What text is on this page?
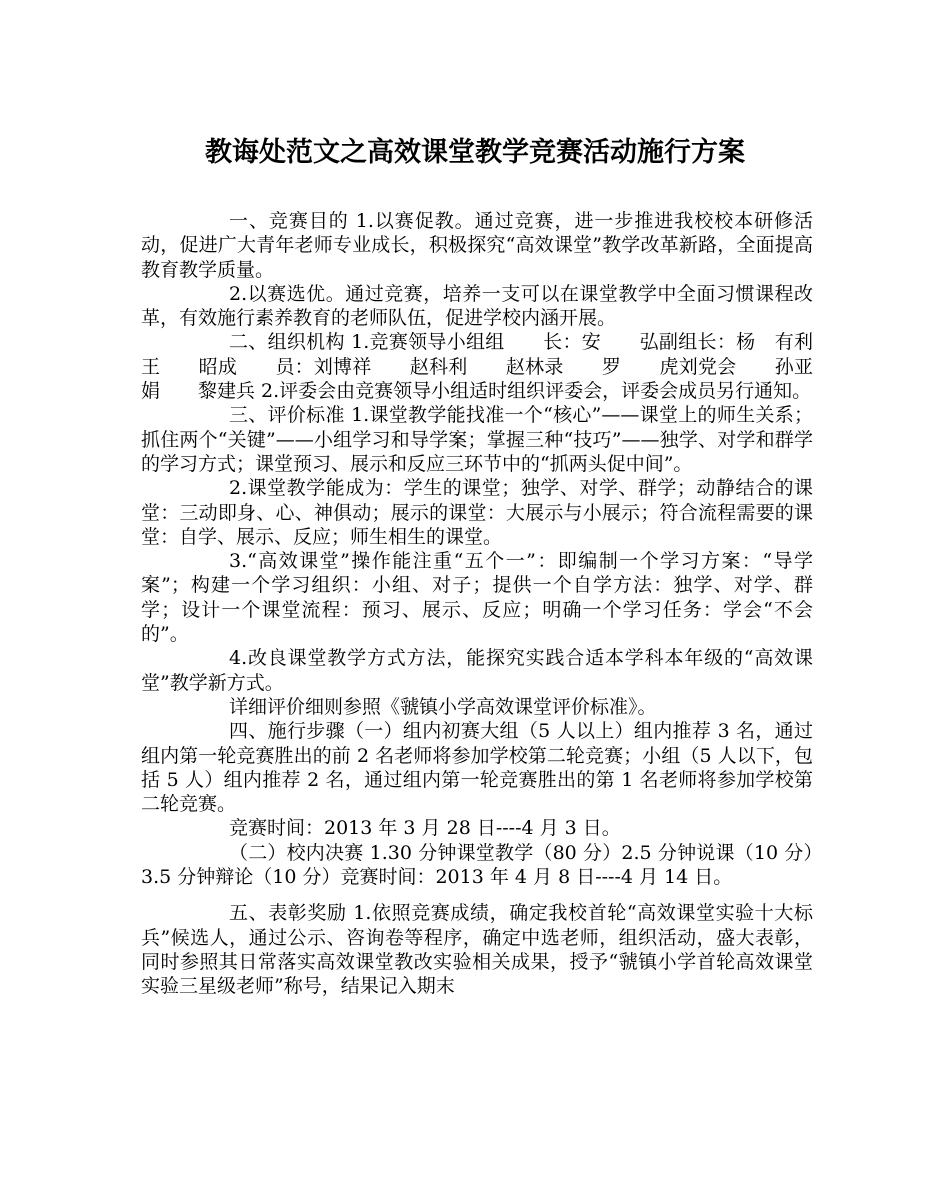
教诲处范文之高效课堂教学竞赛活动施行方案

一、竞赛目的 1.以赛促教。通过竞赛，进一步推进我校校本研修活动，促进广大青年老师专业成长，积极探究“高效课堂”教学改革新路，全面提高教育教学质量。

2.以赛选优。通过竞赛，培养一支可以在课堂教学中全面习惯课程改革，有效施行素养教育的老师队伍，促进学校内涵开展。

二、组织机构 1.竞赛领导小组组　　长：安　　弘副组长：杨　有利　　王　　昭成　　员：刘博祥　　赵科利　　赵林录　　罗　　虎刘党会　　孙亚娟　　黎建兵 2.评委会由竞赛领导小组适时组织评委会，评委会成员另行通知。

三、评价标准 1.课堂教学能找准一个“核心”——课堂上的师生关系；抓住两个“关键”——小组学习和导学案；掌握三种“技巧”——独学、对学和群学的学习方式；课堂预习、展示和反应三环节中的“抓两头促中间”。

2.课堂教学能成为：学生的课堂；独学、对学、群学；动静结合的课堂：三动即身、心、神俱动；展示的课堂：大展示与小展示；符合流程需要的课堂：自学、展示、反应；师生相生的课堂。

3.“高效课堂”操作能注重“五个一”：即编制一个学习方案：“导学案”；构建一个学习组织：小组、对子；提供一个自学方法：独学、对学、群学；设计一个课堂流程：预习、展示、反应；明确一个学习任务：学会“不会的”。

4.改良课堂教学方式方法，能探究实践合适本学科本年级的“高效课堂”教学新方式。

详细评价细则参照《虢镇小学高效课堂评价标准》。

四、施行步骤（一）组内初赛大组（5 人以上）组内推荐 3 名，通过组内第一轮竞赛胜出的前 2 名老师将参加学校第二轮竞赛；小组（5 人以下，包括 5 人）组内推荐 2 名，通过组内第一轮竞赛胜出的第 1 名老师将参加学校第二轮竞赛。

竞赛时间：2013 年 3 月 28 日----4 月 3 日。

（二）校内决赛 1.30 分钟课堂教学（80 分）2.5 分钟说课（10 分）3.5 分钟辩论（10 分）竞赛时间：2013 年 4 月 8 日----4 月 14 日。

五、表彰奖励 1.依照竞赛成绩，确定我校首轮“高效课堂实验十大标兵”候选人，通过公示、咨询卷等程序，确定中选老师，组织活动，盛大表彰，同时参照其日常落实高效课堂教改实验相关成果，授予“虢镇小学首轮高效课堂实验三星级老师”称号，结果记入期末
